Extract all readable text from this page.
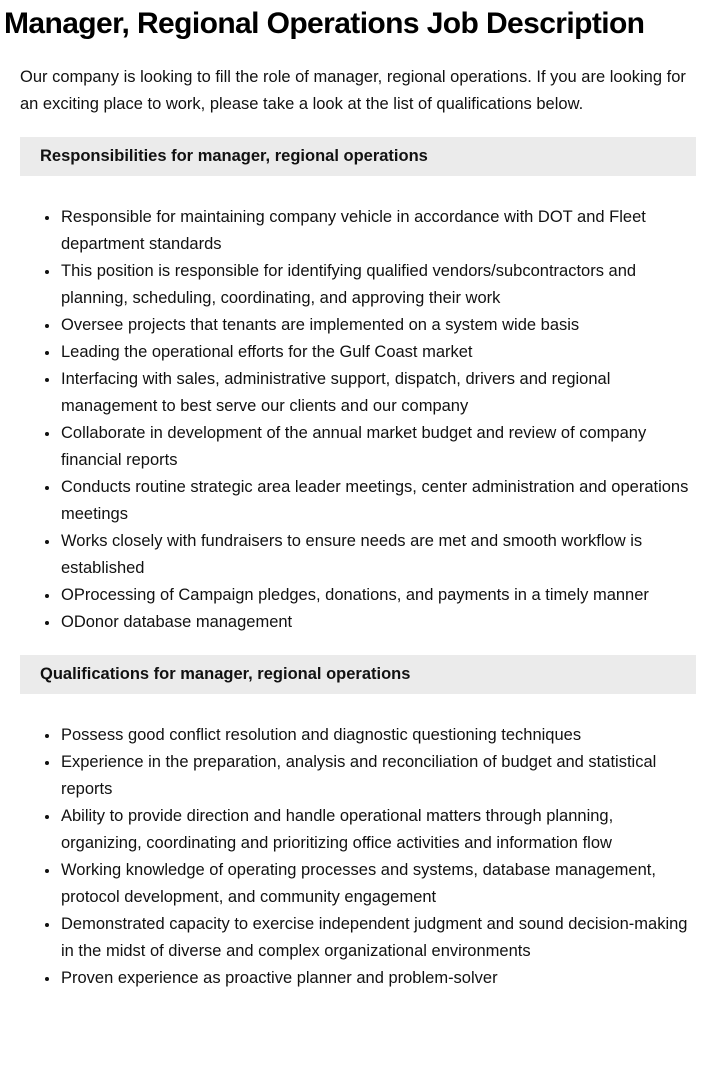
Manager, Regional Operations Job Description

Our company is looking to fill the role of manager, regional operations. If you are looking for an exciting place to work, please take a look at the list of qualifications below.

Responsibilities for manager, regional operations
• Responsible for maintaining company vehicle in accordance with DOT and Fleet department standards
• This position is responsible for identifying qualified vendors/subcontractors and planning, scheduling, coordinating, and approving their work
• Oversee projects that tenants are implemented on a system wide basis
• Leading the operational efforts for the Gulf Coast market
• Interfacing with sales, administrative support, dispatch, drivers and regional management to best serve our clients and our company
• Collaborate in development of the annual market budget and review of company financial reports
• Conducts routine strategic area leader meetings, center administration and operations meetings
• Works closely with fundraisers to ensure needs are met and smooth workflow is established
• OProcessing of Campaign pledges, donations, and payments in a timely manner
• ODonor database management
Qualifications for manager, regional operations
• Possess good conflict resolution and diagnostic questioning techniques
• Experience in the preparation, analysis and reconciliation of budget and statistical reports
• Ability to provide direction and handle operational matters through planning, organizing, coordinating and prioritizing office activities and information flow
• Working knowledge of operating processes and systems, database management, protocol development, and community engagement
• Demonstrated capacity to exercise independent judgment and sound decision-making in the midst of diverse and complex organizational environments
• Proven experience as proactive planner and problem-solver
